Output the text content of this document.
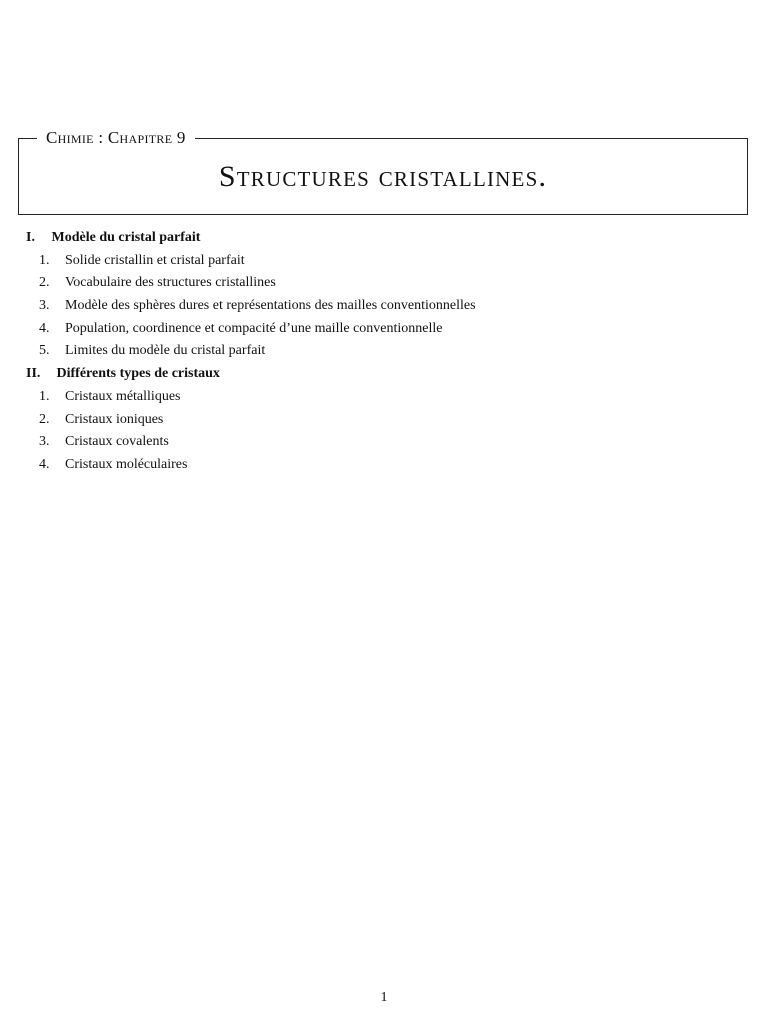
Chimie : Chapitre 9
Structures cristallines.
I. Modèle du cristal parfait
1. Solide cristallin et cristal parfait
2. Vocabulaire des structures cristallines
3. Modèle des sphères dures et représentations des mailles conventionnelles
4. Population, coordinence et compacité d’une maille conventionnelle
5. Limites du modèle du cristal parfait
II. Différents types de cristaux
1. Cristaux métalliques
2. Cristaux ioniques
3. Cristaux covalents
4. Cristaux moléculaires
1
